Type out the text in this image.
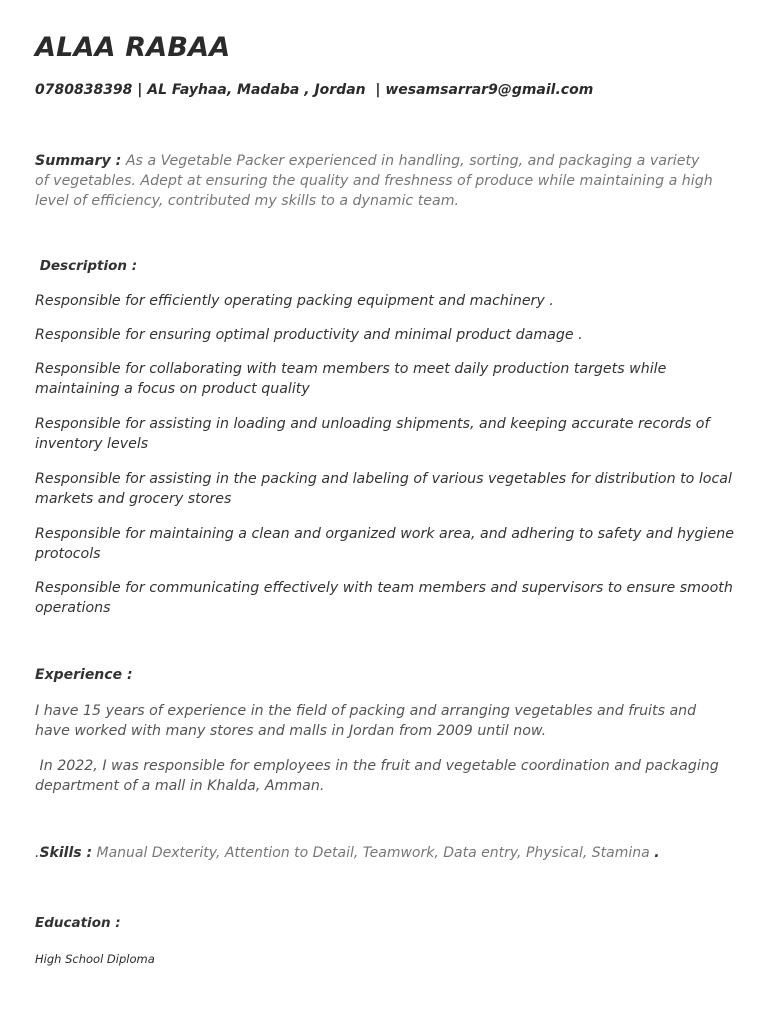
ALAA RABAA
0780838398 | AL Fayhaa, Madaba , Jordan  | wesamsarrar9@gmail.com
Summary : As a Vegetable Packer experienced in handling, sorting, and packaging a variety of vegetables. Adept at ensuring the quality and freshness of produce while maintaining a high level of efficiency, contributed my skills to a dynamic team.
Description :
Responsible for efficiently operating packing equipment and machinery .
Responsible for ensuring optimal productivity and minimal product damage .
Responsible for collaborating with team members to meet daily production targets while maintaining a focus on product quality
Responsible for assisting in loading and unloading shipments, and keeping accurate records of inventory levels
Responsible for assisting in the packing and labeling of various vegetables for distribution to local markets and grocery stores
Responsible for maintaining a clean and organized work area, and adhering to safety and hygiene protocols
Responsible for communicating effectively with team members and supervisors to ensure smooth operations
Experience :
I have 15 years of experience in the field of packing and arranging vegetables and fruits and have worked with many stores and malls in Jordan from 2009 until now.
In 2022, I was responsible for employees in the fruit and vegetable coordination and packaging department of a mall in Khalda, Amman.
.Skills : Manual Dexterity, Attention to Detail, Teamwork, Data entry, Physical, Stamina .
Education :
High School Diploma
